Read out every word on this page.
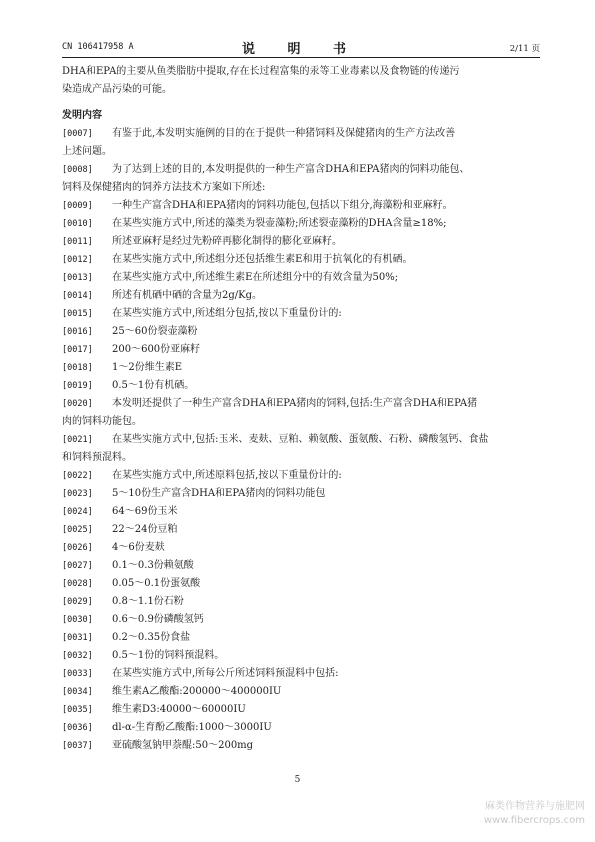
CN 106417958 A	说 明 书	2/11 页
DHA和EPA的主要从鱼类脂肪中提取,存在长过程富集的汞等工业毒素以及食物链的传递污
染造成产品污染的可能。
发明内容
[0007]	有鉴于此,本发明实施例的目的在于提供一种猪饲料及保健猪肉的生产方法改善
上述问题。
[0008]	为了达到上述的目的,本发明提供的一种生产富含DHA和EPA猪肉的饲料功能包、
饲料及保健猪肉的饲养方法技术方案如下所述:
[0009]	一种生产富含DHA和EPA猪肉的饲料功能包,包括以下组分,海藻粉和亚麻籽。
[0010]	在某些实施方式中,所述的藻类为裂壶藻粉;所述裂壶藻粉的DHA含量≥18%;
[0011]	所述亚麻籽是经过先粉碎再膨化制得的膨化亚麻籽。
[0012]	在某些实施方式中,所述组分还包括维生素E和用于抗氧化的有机硒。
[0013]	在某些实施方式中,所述维生素E在所述组分中的有效含量为50%;
[0014]	所述有机硒中硒的含量为2g/Kg。
[0015]	在某些实施方式中,所述组分包括,按以下重量份计的:
[0016]	25～60份裂壶藻粉
[0017]	200～600份亚麻籽
[0018]	1～2份维生素E
[0019]	0.5～1份有机硒。
[0020]	本发明还提供了一种生产富含DHA和EPA猪肉的饲料,包括:生产富含DHA和EPA猪
肉的饲料功能包。
[0021]	在某些实施方式中,包括:玉米、麦麸、豆粕、赖氨酸、蛋氨酸、石粉、磷酸氢钙、食盐
和饲料预混料。
[0022]	在某些实施方式中,所述原料包括,按以下重量份计的:
[0023]	5～10份生产富含DHA和EPA猪肉的饲料功能包
[0024]	64～69份玉米
[0025]	22～24份豆粕
[0026]	4～6份麦麸
[0027]	0.1～0.3份赖氨酸
[0028]	0.05～0.1份蛋氨酸
[0029]	0.8～1.1份石粉
[0030]	0.6～0.9份磷酸氢钙
[0031]	0.2～0.35份食盐
[0032]	0.5～1份的饲料预混料。
[0033]	在某些实施方式中,所每公斤所述饲料预混料中包括:
[0034]	维生素A乙酸酯:200000～400000IU
[0035]	维生素D3:40000～60000IU
[0036]	dl-α-生育酚乙酸酯:1000～3000IU
[0037]	亚硫酸氢钠甲萘醌:50～200mg
5
麻类作物营养与施肥网
www.fibercrops.com
